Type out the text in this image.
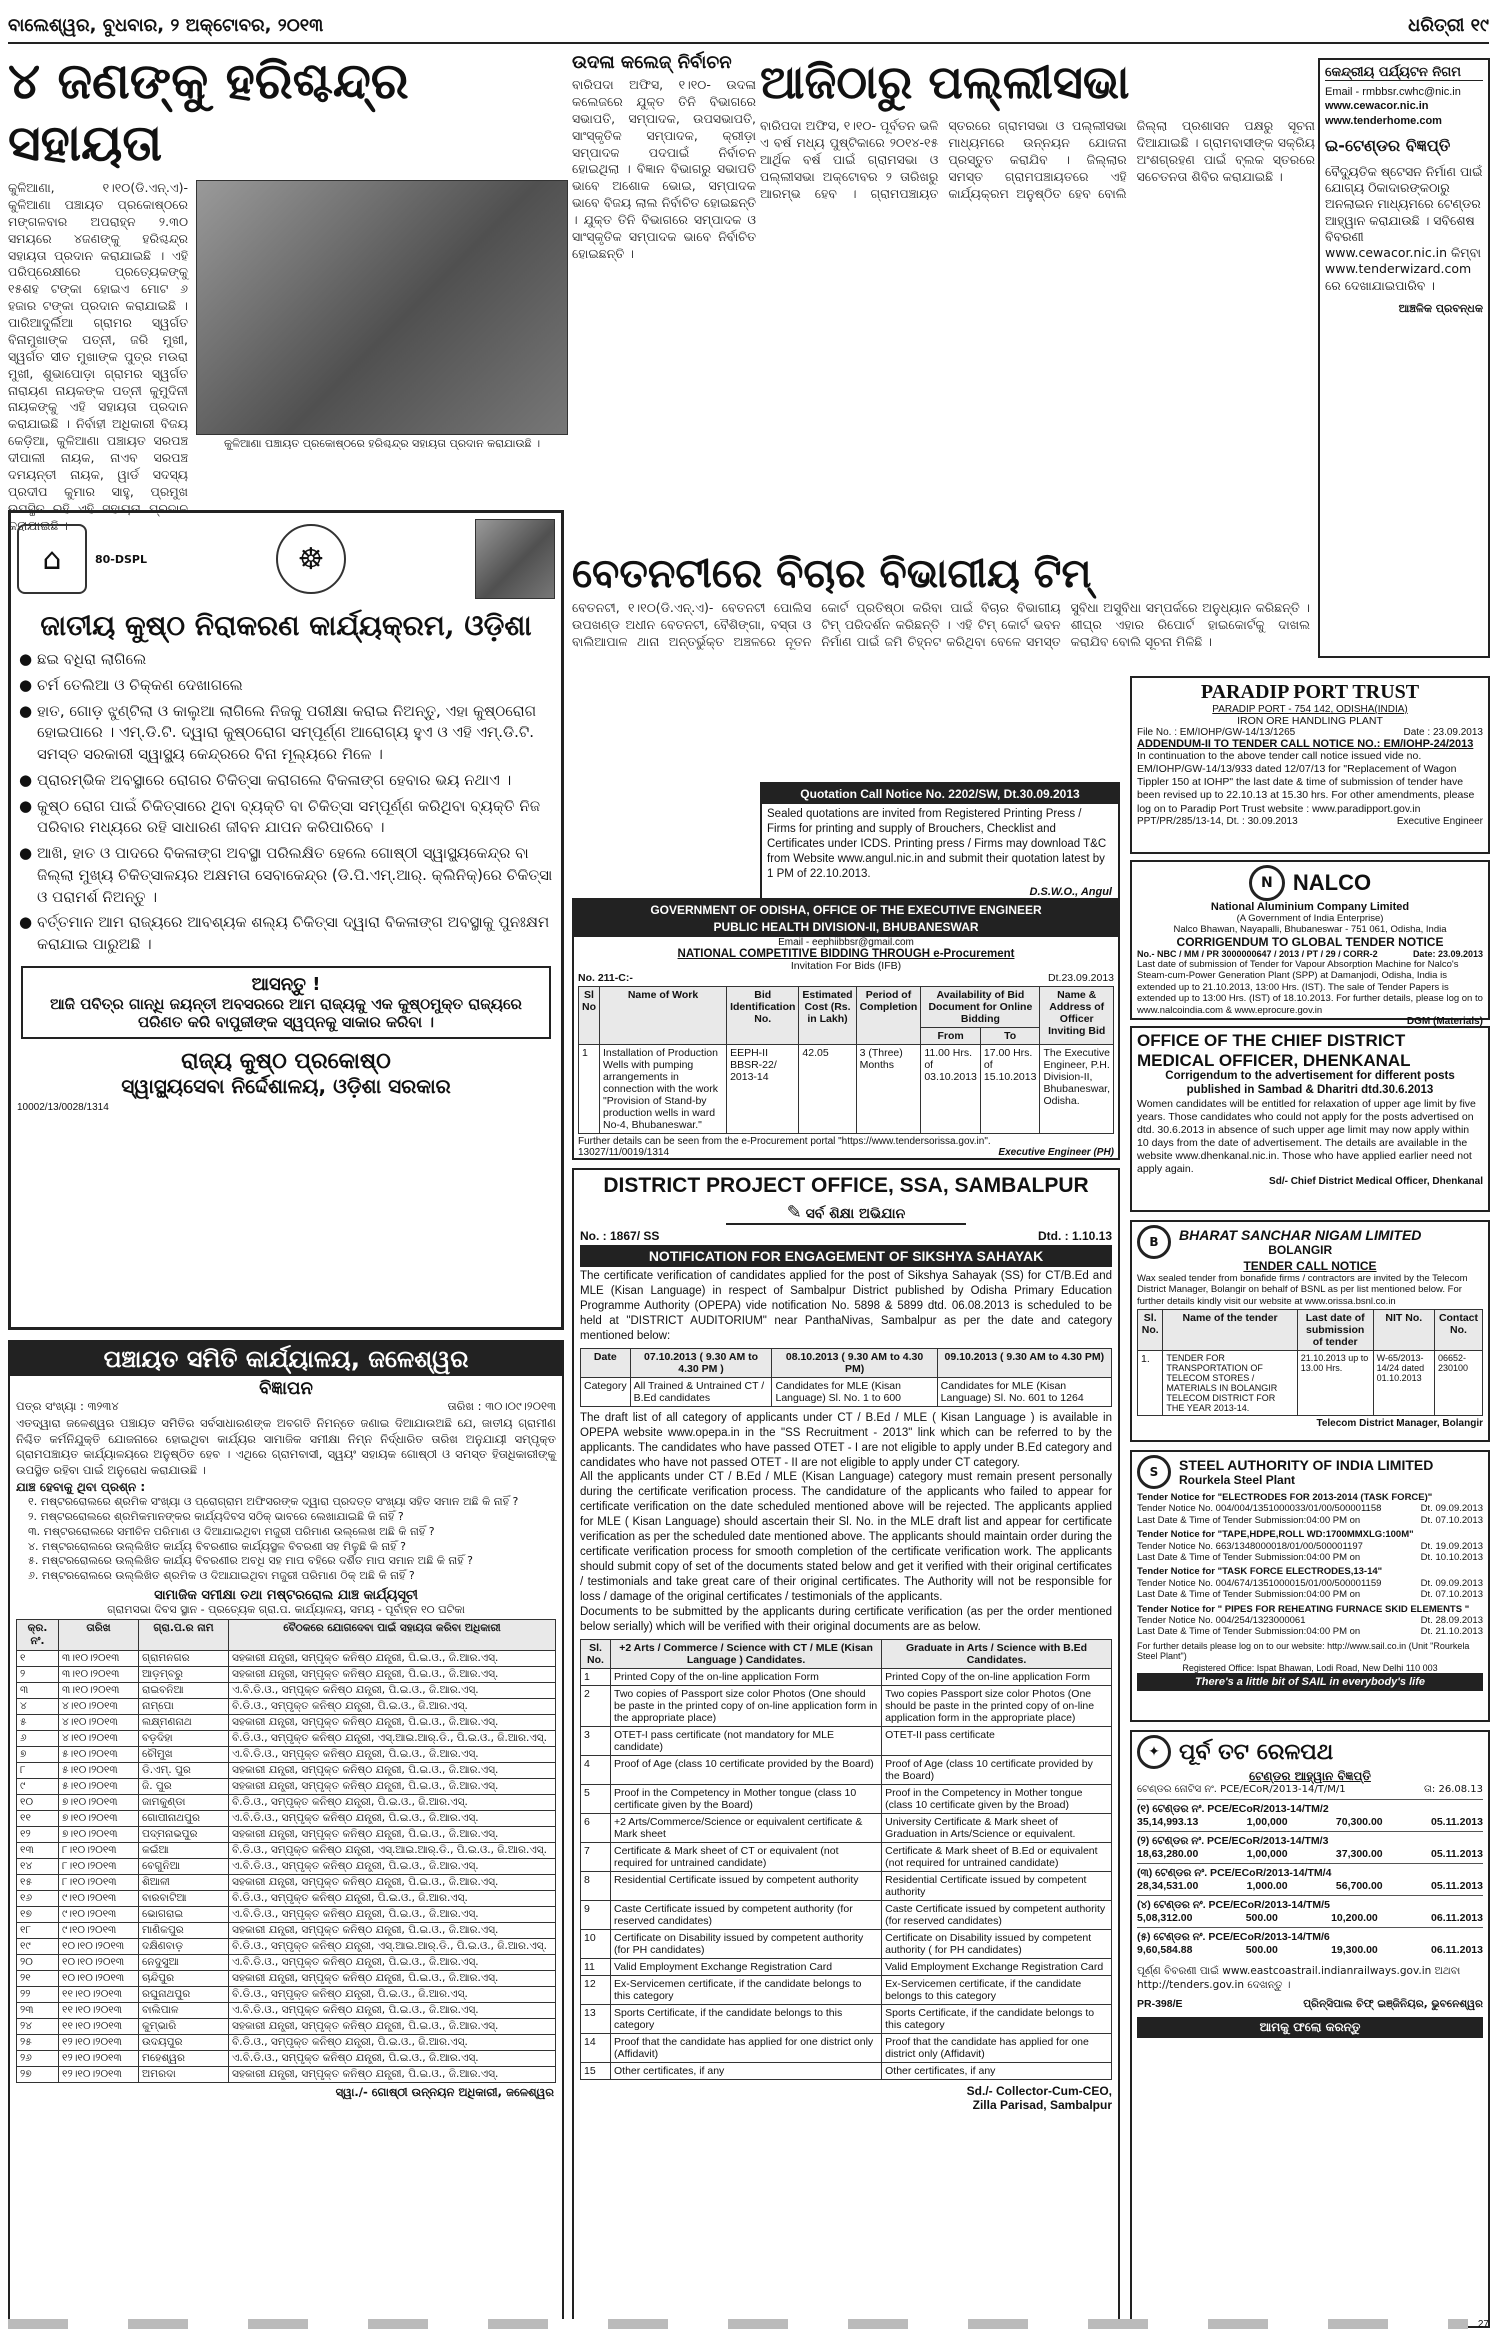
ବାଲେଶ୍ୱର, ବୁଧବାର, ୨ ଅକ୍ଟୋବର, ୨୦୧୩	ଧରିତ୍ରୀ ୧୯
୪ ଜଣଙ୍କୁ ହରିଶ୍ଚନ୍ଦ୍ର ସହାୟତା
କୁଳିଆଣା, ୧।୧୦(ଡି.ଏନ୍.ଏ)- କୁଳିଆଣା ପଞ୍ଚାୟତ ପ୍ରକୋଷ୍ଠରେ ମଙ୍ଗଳବାର ଅପରାହ୍ନ ୨.୩୦ ସମୟରେ ୪ଜଣଙ୍କୁ ହରିଶ୍ଚନ୍ଦ୍ର ସହାୟତା ପ୍ରଦାନ କରାଯାଇଛି । ଏହି ପରିପ୍ରେକ୍ଷୀରେ ପ୍ରତ୍ୟେକଙ୍କୁ ୧୫ଶହ ଟଙ୍କା ହୋଇଏ ମୋଟ ୬ ହଜାର ଟଙ୍କା ପ୍ରଦାନ କରାଯାଇଛି । ପାରିଆଦୁର୍ଲିଆ ଗ୍ରାମର ସ୍ୱର୍ଗତ ବିନାମୁଖାଙ୍କ ପତ୍ନୀ, ଜରି ମୁଖୀ, ସ୍ୱର୍ଗତ ସୀତ ମୁଖାଙ୍କ ପୁତ୍ର ମଉରା ମୁଖୀ, ଶୁଭାପୋଡ଼ା ଗ୍ରାମର ସ୍ୱର୍ଗତ ନାରାୟଣ ନାୟକଙ୍କ ପତ୍ନୀ କୁମୁଦିନୀ ନାୟକଙ୍କୁ ଏହି ସହାୟତା ପ୍ରଦାନ କରାଯାଇଛି । ନିର୍ବାହୀ ଅଧିକାରୀ ବିଜୟ କେଡ଼ିଆ, କୁଳିଆଣା ପଞ୍ଚାୟତ ସରପଞ୍ଚ ଦୀପାଲୀ ନାୟକ, ନାଏବ ସରପଞ୍ଚ ଦମୟନ୍ତୀ ନାୟକ, ୱାର୍ଡ ସଦସ୍ୟ ପ୍ରଦୀପ କୁମାର ସାହୁ, ପ୍ରମୁଖ ଉପସ୍ଥିତ ରହି ଏହି ସହାୟତା ପ୍ରଦାନ କରାଯାଇଛି ।
କୁଳିଆଣା ପଞ୍ଚାୟତ ପ୍ରକୋଷ୍ଠରେ ହରିଶ୍ଚନ୍ଦ୍ର ସହାୟତା ପ୍ରଦାନ କରାଯାଉଛି ।
ଉଦଳା କଲେଜ୍ ନିର୍ବାଚନ
ବାରିପଦା ଅଫିସ, ୧।୧୦- ଉଦଳା କଲେଜରେ ଯୁକ୍ତ ତିନି ବିଭାଗରେ ସଭାପତି, ସମ୍ପାଦକ, ଉପସଭାପତି, ସାଂସ୍କୃତିକ ସମ୍ପାଦକ, କ୍ରୀଡ଼ା ସମ୍ପାଦକ ପଦପାଇଁ ନିର୍ବାଚନ ହୋଇଥିଲା । ବିଜ୍ଞାନ ବିଭାଗରୁ ସଭାପତି ଭାବେ ଅଶୋକ ଭୋଇ, ସମ୍ପାଦକ ଭାବେ ବିଜୟ ଲାଲ ନିର୍ବାଚିତ ହୋଇଛନ୍ତି । ଯୁକ୍ତ ତିନି ବିଭାଗରେ ସମ୍ପାଦକ ଓ ସାଂସ୍କୃତିକ ସମ୍ପାଦକ ଭାବେ ନିର୍ବାଚିତ ହୋଇଛନ୍ତି ।
ଆଜିଠାରୁ ପଲ୍ଲୀସଭା
ବାରିପଦା ଅଫିସ, ୧।୧୦- ପୂର୍ବତନ ଭଳି ଏ ବର୍ଷ ମଧ୍ୟ ପୁଷ୍ଟିକାରେ ୨୦୧୪-୧୫ ଆର୍ଥିକ ବର୍ଷ ପାଇଁ ଗ୍ରାମସଭା ଓ ପଲ୍ଲୀସଭା ଅକ୍ଟୋବର ୨ ତାରିଖରୁ ଆରମ୍ଭ ହେବ । ଗ୍ରାମପଞ୍ଚାୟତ ସ୍ତରରେ ଗ୍ରାମସଭା ଓ ପଲ୍ଲୀସଭା ମାଧ୍ୟମରେ ଉନ୍ନୟନ ଯୋଜନା ପ୍ରସ୍ତୁତ କରାଯିବ । ଜିଲ୍ଲାର ସମସ୍ତ ଗ୍ରାମପଞ୍ଚାୟତରେ ଏହି କାର୍ଯ୍ୟକ୍ରମ ଅନୁଷ୍ଠିତ ହେବ ବୋଲି ଜିଲ୍ଲା ପ୍ରଶାସନ ପକ୍ଷରୁ ସୂଚନା ଦିଆଯାଇଛି । ଗ୍ରାମବାସୀଙ୍କ ସକ୍ରିୟ ଅଂଶଗ୍ରହଣ ପାଇଁ ବ୍ଲକ ସ୍ତରରେ ସଚେତନତା ଶିବିର କରାଯାଇଛି ।
କେନ୍ଦ୍ରୀୟ ପର୍ଯ୍ୟଟନ ନିଗମ
Email - rmbbsr.cwhc@nic.in
www.cewacor.nic.in
www.tenderhome.com
ଇ-ଟେଣ୍ଡର ବିଜ୍ଞପ୍ତି
ବୈଦ୍ୟୁତିକ ଷ୍ଟେସନ ନିର୍ମାଣ ପାଇଁ ଯୋଗ୍ୟ ଠିକାଦାରଙ୍କଠାରୁ ଅନଲାଇନ ମାଧ୍ୟମରେ ଟେଣ୍ଡର ଆହ୍ୱାନ କରାଯାଉଛି । ସବିଶେଷ ବିବରଣୀ www.cewacor.nic.in କିମ୍ବା www.tenderwizard.com ରେ ଦେଖାଯାଇପାରିବ ।
ଆଞ୍ଚଳିକ ପ୍ରବନ୍ଧକ
⌂	80-DSPL	☸
ଜାତୀୟ କୁଷ୍ଠ ନିରାକରଣ କାର୍ଯ୍ୟକ୍ରମ, ଓଡ଼ିଶା
● ଛଇ ବଧିରା ଲାଗିଲେ
● ଚର୍ମ ତେଲିଆ ଓ ଚିକ୍କଣ ଦେଖାଗଲେ
● ହାତ, ଗୋଡ଼ ଝୁଣ୍ଟିଲା ଓ କାଲୁଆ ଲାଗିଲେ ନିଜକୁ ପରୀକ୍ଷା କରାଇ ନିଅନ୍ତୁ, ଏହା କୁଷ୍ଠରୋଗ ହୋଇପାରେ । ଏମ୍.ଡି.ଟି. ଦ୍ୱାରା କୁଷ୍ଠରୋଗ ସମ୍ପୂର୍ଣ୍ଣ ଆରୋଗ୍ୟ ହୁଏ ଓ ଏହି ଏମ୍.ଡି.ଟି. ସମସ୍ତ ସରକାରୀ ସ୍ୱାସ୍ଥ୍ୟ କେନ୍ଦ୍ରରେ ବିନା ମୂଲ୍ୟରେ ମିଳେ ।
● ପ୍ରାରମ୍ଭିକ ଅବସ୍ଥାରେ ରୋଗର ଚିକିତ୍ସା କରାଗଲେ ବିକଳାଙ୍ଗ ହେବାର ଭୟ ନଥାଏ ।
● କୁଷ୍ଠ ରୋଗ ପାଇଁ ଚିକିତ୍ସାରେ ଥିବା ବ୍ୟକ୍ତି ବା ଚିକିତ୍ସା ସମ୍ପୂର୍ଣ୍ଣ କରିଥିବା ବ୍ୟକ୍ତି ନିଜ ପରିବାର ମଧ୍ୟରେ ରହି ସାଧାରଣ ଜୀବନ ଯାପନ କରିପାରିବେ ।
● ଆଖି, ହାତ ଓ ପାଦରେ ବିକଳାଙ୍ଗ ଅବସ୍ଥା ପରିଲକ୍ଷିତ ହେଲେ ଗୋଷ୍ଠୀ ସ୍ୱାସ୍ଥ୍ୟକେନ୍ଦ୍ର ବା ଜିଲ୍ଲା ମୁଖ୍ୟ ଚିକିତ୍ସାଳୟର ଅକ୍ଷମତା ସେବାକେନ୍ଦ୍ର (ଡି.ପି.ଏମ୍.ଆର୍. କ୍ଲିନିକ୍)ରେ ଚିକିତ୍ସା ଓ ପରାମର୍ଶ ନିଅନ୍ତୁ ।
● ବର୍ତ୍ତମାନ ଆମ ରାଜ୍ୟରେ ଆବଶ୍ୟକ ଶଲ୍ୟ ଚିକିତ୍ସା ଦ୍ୱାରା ବିକଳାଙ୍ଗ ଅବସ୍ଥାକୁ ପୁନଃକ୍ଷମ କରାଯାଇ ପାରୁଅଛି ।
ଆସନ୍ତୁ !
ଆଜି ପବିତ୍ର ଗାନ୍ଧି ଜୟନ୍ତୀ ଅବସରରେ ଆମ ରାଜ୍ୟକୁ ଏକ କୁଷ୍ଠମୁକ୍ତ ରାଜ୍ୟରେ ପରିଣତ କରି ବାପୁଜୀଙ୍କ ସ୍ୱପ୍ନକୁ ସାକାର କରିବା ।
ରାଜ୍ୟ କୁଷ୍ଠ ପ୍ରକୋଷ୍ଠ
ସ୍ୱାସ୍ଥ୍ୟସେବା ନିର୍ଦ୍ଦେଶାଳୟ, ଓଡ଼ିଶା ସରକାର
10002/13/0028/1314
ବେତନଟୀରେ ବିଚାର ବିଭାଗୀୟ ଟିମ୍
ବେତନଟୀ, ୧।୧୦(ଡି.ଏନ୍.ଏ)- ବେତନଟୀ ପୋଲିସ ଉପଖଣ୍ଡ ଅଧୀନ ବେତନଟୀ, ବୈଶିଙ୍ଗା, ବସ୍ତା ଓ ବାଲିଆପାଳ ଥାନା ଅନ୍ତର୍ଭୁକ୍ତ ଅଞ୍ଚଳରେ ନୂତନ କୋର୍ଟ ପ୍ରତିଷ୍ଠା କରିବା ପାଇଁ ବିଚାର ବିଭାଗୀୟ ଟିମ୍ ପରିଦର୍ଶନ କରିଛନ୍ତି । ଏହି ଟିମ୍ କୋର୍ଟ ଭବନ ନିର୍ମାଣ ପାଇଁ ଜମି ଚିହ୍ନଟ କରିଥିବା ବେଳେ ସମସ୍ତ ସୁବିଧା ଅସୁବିଧା ସମ୍ପର୍କରେ ଅନୁଧ୍ୟାନ କରିଛନ୍ତି । ଶୀଘ୍ର ଏହାର ରିପୋର୍ଟ ହାଇକୋର୍ଟକୁ ଦାଖଲ କରାଯିବ ବୋଲି ସୂଚନା ମିଳିଛି ।
Quotation Call Notice No. 2202/SW, Dt.30.09.2013
Sealed quotations are invited from Registered Printing Press / Firms for printing and supply of Brouchers, Checklist and Certificates under ICDS. Printing press / Firms may download T&C from Website www.angul.nic.in and submit their quotation latest by 1 PM of 22.10.2013.
D.S.W.O., Angul
GOVERNMENT OF ODISHA, OFFICE OF THE EXECUTIVE ENGINEER
PUBLIC HEALTH DIVISION-II, BHUBANESWAR
Email - eephiibbsr@gmail.com
NATIONAL COMPETITIVE BIDDING THROUGH e-Procurement
Invitation For Bids (IFB)
No. 211-C:-	Dt.23.09.2013
Sl No	Name of Work	Bid Identification No.	Estimated Cost (Rs. in Lakh)	Period of Completion	Availability of Bid Document for Online Bidding		Name & Address of Officer Inviting Bid
					From	To	
1	Installation of Production Wells with pumping arrangements in connection with the work "Provision of Stand-by production wells in ward No-4, Bhubaneswar."	EEPH-II BBSR-22/ 2013-14	42.05	3 (Three) Months	11.00 Hrs. of 03.10.2013	17.00 Hrs. of 15.10.2013	The Executive Engineer, P.H. Division-II, Bhubaneswar, Odisha.
Further details can be seen from the e-Procurement portal "https://www.tendersorissa.gov.in".
13027/11/0019/1314	Executive Engineer (PH)
DISTRICT PROJECT OFFICE, SSA, SAMBALPUR
✎ ସର୍ବ ଶିକ୍ଷା ଅଭିଯାନ
No. : 1867/ SS	Dtd. : 1.10.13
NOTIFICATION FOR ENGAGEMENT OF SIKSHYA SAHAYAK
The certificate verification of candidates applied for the post of Sikshya Sahayak (SS) for CT/B.Ed and MLE (Kisan Language) in respect of Sambalpur District published by Odisha Primary Education Programme Authority (OPEPA) vide notification No. 5898 & 5899 dtd. 06.08.2013 is scheduled to be held at "DISTRICT AUDITORIUM" near PanthaNivas, Sambalpur as per the date and category mentioned below:
Date	07.10.2013 ( 9.30 AM to 4.30 PM )	08.10.2013 ( 9.30 AM to 4.30 PM)	09.10.2013 ( 9.30 AM to 4.30 PM)
Category	All Trained & Untrained CT / B.Ed candidates	Candidates for MLE (Kisan Language) Sl. No. 1 to 600	Candidates for MLE (Kisan Language) Sl. No. 601 to 1264
The draft list of all category of applicants under CT / B.Ed / MLE ( Kisan Language ) is available in OPEPA website www.opepa.in in the "SS Recruitment - 2013" link which can be referred to by the applicants. The candidates who have passed OTET - I are not eligible to apply under B.Ed category and candidates who have not passed OTET - II are not eligible to apply under CT category.
All the applicants under CT / B.Ed / MLE (Kisan Language) category must remain present personally during the certificate verification process. The candidature of the applicants who failed to appear for certificate verification on the date scheduled mentioned above will be rejected. The applicants applied for MLE ( Kisan Language) should ascertain their Sl. No. in the MLE draft list and appear for certificate verification as per the scheduled date mentioned above. The applicants should maintain order during the certificate verification process for smooth completion of the certificate verification work. The applicants should submit copy of set of the documents stated below and get it verified with their original certificates / testimonials and take great care of their original certificates. The Authority will not be responsible for loss / damage of the original certificates / testimonials of the applicants.
Documents to be submitted by the applicants during certificate verification (as per the order mentioned below serially) which will be verified with their original documents are as below.
Sl. No.	+2 Arts / Commerce / Science with CT / MLE (Kisan Language ) Candidates.	Graduate in Arts / Science with B.Ed Candidates.
1	Printed Copy of the on-line application Form	Printed Copy of the on-line application Form
2	Two copies of Passport size color Photos (One should be paste in the printed copy of on-line application form in the appropriate place)	Two copies Passport size color Photos (One should be paste in the printed copy of on-line application form in the appropriate place)
3	OTET-I pass certificate (not mandatory for MLE candidate)	OTET-II pass certificate
4	Proof of Age (class 10 certificate provided by the Board)	Proof of Age (class 10 certificate provided by the Board)
5	Proof in the Competency in Mother tongue (class 10 certificate given by the Board)	Proof in the Competency in Mother tongue (class 10 certificate given by the Broad)
6	+2 Arts/Commerce/Science or equivalent certificate & Mark sheet	University Certificate & Mark sheet of Graduation in Arts/Science or equivalent.
7	Certificate & Mark sheet of CT or equivalent (not required for untrained candidate)	Certificate & Mark sheet of B.Ed or equivalent (not required for untrained candidate)
8	Residential Certificate issued by competent authority	Residential Certificate issued by competent authority
9	Caste Certificate issued by competent authority (for reserved candidates)	Caste Certificate issued by competent authority (for reserved candidates)
10	Certificate on Disability issued by competent authority (for PH candidates)	Certificate on Disability issued by competent authority ( for PH candidates)
11	Valid Employment Exchange Registration Card	Valid Employment Exchange Registration Card
12	Ex-Servicemen certificate, if the candidate belongs to this category	Ex-Servicemen certificate, if the candidate belongs to this category
13	Sports Certificate, if the candidate belongs to this category	Sports Certificate, if the candidate belongs to this category
14	Proof that the candidate has applied for one district only (Affidavit)	Proof that the candidate has applied for one district only (Affidavit)
15	Other certificates, if any	Other certificates, if any
Sd./- Collector-Cum-CEO,
Zilla Parisad, Sambalpur
ପଞ୍ଚାୟତ ସମିତି କାର୍ଯ୍ୟାଳୟ, ଜଳେଶ୍ୱର
ବିଜ୍ଞାପନ
ପତ୍ର ସଂଖ୍ୟା : ୩୨୩୪	ତାରିଖ : ୩୦।୦୯।୨୦୧୩
ଏତଦ୍ୱାରା ଜଳେଶ୍ୱର ପଞ୍ଚାୟତ ସମିତିର ସର୍ବସାଧାରଣଙ୍କ ଅବଗତି ନିମନ୍ତେ ଜଣାଇ ଦିଆଯାଉଅଛି ଯେ, ଜାତୀୟ ଗ୍ରାମୀଣ ନିଶ୍ଚିତ କର୍ମନିଯୁକ୍ତି ଯୋଜନାରେ ହୋଇଥିବା କାର୍ଯ୍ୟର ସାମାଜିକ ସମୀକ୍ଷା ନିମ୍ନ ନିର୍ଦ୍ଧାରିତ ତାରିଖ ଅନୁଯାୟୀ ସମ୍ପୃକ୍ତ ଗ୍ରାମପଞ୍ଚାୟତ କାର୍ଯ୍ୟାଳୟରେ ଅନୁଷ୍ଠିତ ହେବ । ଏଥିରେ ଗ୍ରାମବାସୀ, ସ୍ୱୟଂ ସହାୟକ ଗୋଷ୍ଠୀ ଓ ସମସ୍ତ ହିତାଧିକାରୀଙ୍କୁ ଉପସ୍ଥିତ ରହିବା ପାଇଁ ଅନୁରୋଧ କରାଯାଉଛି ।
ଯାଞ୍ଚ ହେବାକୁ ଥିବା ପ୍ରଶ୍ନ :
୧. ମଷ୍ଟରରୋଲରେ ଶ୍ରମିକ ସଂଖ୍ୟା ଓ ପ୍ରୋଗ୍ରାମ ଅଫିସରଙ୍କ ଦ୍ୱାରା ପ୍ରଦତ୍ତ ସଂଖ୍ୟା ସହିତ ସମାନ ଅଛି କି ନାହିଁ ?
୨. ମଷ୍ଟରରୋଲରେ ଶ୍ରମିକମାନଙ୍କର କାର୍ଯ୍ୟଦିବସ ସଠିକ୍ ଭାବରେ ଲେଖାଯାଇଛି କି ନାହିଁ ?
୩. ମଷ୍ଟରରୋଲରେ ସମୀଚିନ ପରିମାଣ ଓ ଦିଆଯାଇଥିବା ମଜୁରୀ ପରିମାଣ ଉଲ୍ଲେଖ ଅଛି କି ନାହିଁ ?
୪. ମଷ୍ଟରରୋଲରେ ଉଲ୍ଲିଖିତ କାର୍ଯ୍ୟ ବିବରଣୀର କାର୍ଯ୍ୟସ୍ଥଳ ବିବରଣୀ ସହ ମିଳୁଛି କି ନାହିଁ ?
୫. ମଷ୍ଟରରୋଲରେ ଉଲ୍ଲିଖିତ କାର୍ଯ୍ୟ ବିବରଣୀର ଅବଧି ସହ ମାପ ବହିରେ ଦର୍ଶିତ ମାପ ସମାନ ଅଛି କି ନାହିଁ ?
୬. ମଷ୍ଟରରୋଲରେ ଉଲ୍ଲିଖିତ ଶ୍ରମିକ ଓ ଦିଆଯାଇଥିବା ମଜୁରୀ ପରିମାଣ ଠିକ୍ ଅଛି କି ନାହିଁ ?
ସାମାଜିକ ସମୀକ୍ଷା ତଥା ମଷ୍ଟରରୋଲ ଯାଞ୍ଚ କାର୍ଯ୍ୟସୂଚୀ
ଗ୍ରାମସଭା ଦିବସ ସ୍ଥାନ - ପ୍ରତ୍ୟେକ ଗ୍ରା.ପ. କାର୍ଯ୍ୟାଳୟ, ସମୟ - ପୂର୍ବାହ୍ନ ୧୦ ଘଟିକା
କ୍ର. ନଂ.	ତାରିଖ	ଗ୍ରା.ପ.ର ନାମ	ବୈଠକରେ ଯୋଗଦେବା ପାଇଁ ସହାୟତା କରିବା ଅଧିକାରୀ
୧	୩।୧୦।୨୦୧୩	ଗ୍ରାମନଗର	ସହକାରୀ ଯନ୍ତ୍ରୀ, ସମ୍ପୃକ୍ତ କନିଷ୍ଠ ଯନ୍ତ୍ରୀ, ପି.ଇ.ଓ., ଜି.ଆର.ଏସ୍.
୨	୩।୧୦।୨୦୧୩	ଆଡ଼ମ୍ବରୁ	ସହକାରୀ ଯନ୍ତ୍ରୀ, ସମ୍ପୃକ୍ତ କନିଷ୍ଠ ଯନ୍ତ୍ରୀ, ପି.ଇ.ଓ., ଜି.ଆର.ଏସ୍.
୩	୩।୧୦।୨୦୧୩	ରାଇବନିଆ	ଏ.ବି.ଡି.ଓ., ସମ୍ପୃକ୍ତ କନିଷ୍ଠ ଯନ୍ତ୍ରୀ, ପି.ଇ.ଓ., ଜି.ଆର.ଏସ୍.
୪	୪।୧୦।୨୦୧୩	ନାମ୍ପୋ	ବି.ଡି.ଓ., ସମ୍ପୃକ୍ତ କନିଷ୍ଠ ଯନ୍ତ୍ରୀ, ପି.ଇ.ଓ., ଜି.ଆର.ଏସ୍.
୫	୪।୧୦।୨୦୧୩	ଲକ୍ଷ୍ମଣନାଥ	ସହକାରୀ ଯନ୍ତ୍ରୀ, ସମ୍ପୃକ୍ତ କନିଷ୍ଠ ଯନ୍ତ୍ରୀ, ପି.ଇ.ଓ., ଜି.ଆର.ଏସ୍.
୬	୪।୧୦।୨୦୧୩	ବଡ଼ଦିହା	ବି.ଡି.ଓ., ସମ୍ପୃକ୍ତ କନିଷ୍ଠ ଯନ୍ତ୍ରୀ, ଏସ୍.ଆଇ.ଆର୍.ଡି., ପି.ଇ.ଓ., ଜି.ଆର.ଏସ୍.
୭	୫।୧୦।୨୦୧୩	ଚୌମୁଖ	ଏ.ବି.ଡି.ଓ., ସମ୍ପୃକ୍ତ କନିଷ୍ଠ ଯନ୍ତ୍ରୀ, ପି.ଇ.ଓ., ଜି.ଆର.ଏସ୍.
୮	୫।୧୦।୨୦୧୩	ଡି.ଏମ୍. ପୁର	ସହକାରୀ ଯନ୍ତ୍ରୀ, ସମ୍ପୃକ୍ତ କନିଷ୍ଠ ଯନ୍ତ୍ରୀ, ପି.ଇ.ଓ., ଜି.ଆର.ଏସ୍.
୯	୫।୧୦।୨୦୧୩	ଜି. ପୁର	ସହକାରୀ ଯନ୍ତ୍ରୀ, ସମ୍ପୃକ୍ତ କନିଷ୍ଠ ଯନ୍ତ୍ରୀ, ପି.ଇ.ଓ., ଜି.ଆର.ଏସ୍.
୧୦	୭।୧୦।୨୦୧୩	ଜାମକୁଣ୍ଡା	ବି.ଡି.ଓ., ସମ୍ପୃକ୍ତ କନିଷ୍ଠ ଯନ୍ତ୍ରୀ, ପି.ଇ.ଓ., ଜି.ଆର.ଏସ୍.
୧୧	୭।୧୦।୨୦୧୩	ଗୋପୀନାଥପୁର	ଏ.ବି.ଡି.ଓ., ସମ୍ପୃକ୍ତ କନିଷ୍ଠ ଯନ୍ତ୍ରୀ, ପି.ଇ.ଓ., ଜି.ଆର.ଏସ୍.
୧୨	୭।୧୦।୨୦୧୩	ପଦ୍ମନାଭପୁର	ସହକାରୀ ଯନ୍ତ୍ରୀ, ସମ୍ପୃକ୍ତ କନିଷ୍ଠ ଯନ୍ତ୍ରୀ, ପି.ଇ.ଓ., ଜି.ଆର.ଏସ୍.
୧୩	୮।୧୦।୨୦୧୩	କଇଁଆ	ବି.ଡି.ଓ., ସମ୍ପୃକ୍ତ କନିଷ୍ଠ ଯନ୍ତ୍ରୀ, ଏସ୍.ଆଇ.ଆର୍.ଡି., ପି.ଇ.ଓ., ଜି.ଆର.ଏସ୍.
୧୪	୮।୧୦।୨୦୧୩	ବେଗୁନିଆ	ଏ.ବି.ଡି.ଓ., ସମ୍ପୃକ୍ତ କନିଷ୍ଠ ଯନ୍ତ୍ରୀ, ପି.ଇ.ଓ., ଜି.ଆର.ଏସ୍.
୧୫	୮।୧୦।୨୦୧୩	ଶିଆଳୀ	ସହକାରୀ ଯନ୍ତ୍ରୀ, ସମ୍ପୃକ୍ତ କନିଷ୍ଠ ଯନ୍ତ୍ରୀ, ପି.ଇ.ଓ., ଜି.ଆର.ଏସ୍.
୧୬	୯।୧୦।୨୦୧୩	ବାରବାଟିଆ	ବି.ଡି.ଓ., ସମ୍ପୃକ୍ତ କନିଷ୍ଠ ଯନ୍ତ୍ରୀ, ପି.ଇ.ଓ., ଜି.ଆର.ଏସ୍.
୧୭	୯।୧୦।୨୦୧୩	ଭୋଗରାଇ	ଏ.ବି.ଡି.ଓ., ସମ୍ପୃକ୍ତ କନିଷ୍ଠ ଯନ୍ତ୍ରୀ, ପି.ଇ.ଓ., ଜି.ଆର.ଏସ୍.
୧୮	୯।୧୦।୨୦୧୩	ମାଣିକପୁର	ସହକାରୀ ଯନ୍ତ୍ରୀ, ସମ୍ପୃକ୍ତ କନିଷ୍ଠ ଯନ୍ତ୍ରୀ, ପି.ଇ.ଓ., ଜି.ଆର.ଏସ୍.
୧୯	୧୦।୧୦।୨୦୧୩	ଦକ୍ଷିଣବାଡ଼	ବି.ଡି.ଓ., ସମ୍ପୃକ୍ତ କନିଷ୍ଠ ଯନ୍ତ୍ରୀ, ଏସ୍.ଆଇ.ଆର୍.ଡି., ପି.ଇ.ଓ., ଜି.ଆର.ଏସ୍.
୨୦	୧୦।୧୦।୨୦୧୩	ନେଦୁସୁଆ	ଏ.ବି.ଡି.ଓ., ସମ୍ପୃକ୍ତ କନିଷ୍ଠ ଯନ୍ତ୍ରୀ, ପି.ଇ.ଓ., ଜି.ଆର.ଏସ୍.
୨୧	୧୦।୧୦।୨୦୧୩	ଚାନ୍ଦିପୁର	ସହକାରୀ ଯନ୍ତ୍ରୀ, ସମ୍ପୃକ୍ତ କନିଷ୍ଠ ଯନ୍ତ୍ରୀ, ପି.ଇ.ଓ., ଜି.ଆର.ଏସ୍.
୨୨	୧୧।୧୦।୨୦୧୩	ରଘୁନାଥପୁର	ବି.ଡି.ଓ., ସମ୍ପୃକ୍ତ କନିଷ୍ଠ ଯନ୍ତ୍ରୀ, ପି.ଇ.ଓ., ଜି.ଆର.ଏସ୍.
୨୩	୧୧।୧୦।୨୦୧୩	ବାଲିପାଳ	ଏ.ବି.ଡି.ଓ., ସମ୍ପୃକ୍ତ କନିଷ୍ଠ ଯନ୍ତ୍ରୀ, ପି.ଇ.ଓ., ଜି.ଆର.ଏସ୍.
୨୪	୧୧।୧୦।୨୦୧୩	କୁମ୍ଭାରି	ସହକାରୀ ଯନ୍ତ୍ରୀ, ସମ୍ପୃକ୍ତ କନିଷ୍ଠ ଯନ୍ତ୍ରୀ, ପି.ଇ.ଓ., ଜି.ଆର.ଏସ୍.
୨୫	୧୨।୧୦।୨୦୧୩	ଉଦୟପୁର	ବି.ଡି.ଓ., ସମ୍ପୃକ୍ତ କନିଷ୍ଠ ଯନ୍ତ୍ରୀ, ପି.ଇ.ଓ., ଜି.ଆର.ଏସ୍.
୨୬	୧୨।୧୦।୨୦୧୩	ମହେଶ୍ୱର	ଏ.ବି.ଡି.ଓ., ସମ୍ପୃକ୍ତ କନିଷ୍ଠ ଯନ୍ତ୍ରୀ, ପି.ଇ.ଓ., ଜି.ଆର.ଏସ୍.
୨୭	୧୨।୧୦।୨୦୧୩	ଅମରଦା	ସହକାରୀ ଯନ୍ତ୍ରୀ, ସମ୍ପୃକ୍ତ କନିଷ୍ଠ ଯନ୍ତ୍ରୀ, ପି.ଇ.ଓ., ଜି.ଆର.ଏସ୍.
ସ୍ୱା./- ଗୋଷ୍ଠୀ ଉନ୍ନୟନ ଅଧିକାରୀ, ଜଳେଶ୍ୱର
PARADIP PORT TRUST
PARADIP PORT - 754 142, ODISHA(INDIA)
IRON ORE HANDLING PLANT
File No. : EM/IOHP/GW-14/13/1265	Date : 23.09.2013
ADDENDUM-II TO TENDER CALL NOTICE NO.: EM/IOHP-24/2013
In continuation to the above tender call notice issued vide no. EM/IOHP/GW-14/13/933 dated 12/07/13 for "Replacement of Wagon Tippler 150 at IOHP" the last date & time of submission of tender have been revised up to 22.10.13 at 15.30 hrs. For other amendments, please log on to Paradip Port Trust website : www.paradipport.gov.in
PPT/PR/285/13-14, Dt. : 30.09.2013	Executive Engineer
N NALCO
National Aluminium Company Limited
(A Government of India Enterprise)
Nalco Bhawan, Nayapalli, Bhubaneswar - 751 061, Odisha, India
CORRIGENDUM TO GLOBAL TENDER NOTICE
No.- NBC / MM / PR 3000000647 / 2013 / PT / 29 / CORR-2	Date: 23.09.2013
Last date of submission of Tender for Vapour Absorption Machine for Nalco's Steam-cum-Power Generation Plant (SPP) at Damanjodi, Odisha, India is extended up to 21.10.2013, 13:00 Hrs. (IST). The sale of Tender Papers is extended up to 13:00 Hrs. (IST) of 18.10.2013. For further details, please log on to www.nalcoindia.com & www.eprocure.gov.in
DGM (Materials)
OFFICE OF THE CHIEF DISTRICT MEDICAL OFFICER, DHENKANAL
Corrigendum to the advertisement for different posts published in Sambad & Dharitri dtd.30.6.2013
Women candidates will be entitled for relaxation of upper age limit by five years. Those candidates who could not apply for the posts advertised on dtd. 30.6.2013 in absence of such upper age limit may now apply within 10 days from the date of advertisement. The details are available in the website www.dhenkanal.nic.in. Those who have applied earlier need not apply again.
Sd/- Chief District Medical Officer, Dhenkanal
B	BHARAT SANCHAR NIGAM LIMITED
BOLANGIR
TENDER CALL NOTICE
Wax sealed tender from bonafide firms / contractors are invited by the Telecom District Manager, Bolangir on behalf of BSNL as per list mentioned below. For further details kindly visit our website at www.orissa.bsnl.co.in
Sl. No.	Name of the tender	Last date of submission of tender	NIT No.	Contact No.
1.	TENDER FOR TRANSPORTATION OF TELECOM STORES / MATERIALS IN BOLANGIR TELECOM DISTRICT FOR THE YEAR 2013-14.	21.10.2013 up to 13.00 Hrs.	W-65/2013-14/24 dated 01.10.2013	06652-230100
Telecom District Manager, Bolangir
S	STEEL AUTHORITY OF INDIA LIMITED
Rourkela Steel Plant
Tender Notice for "ELECTRODES FOR 2013-2014 (TASK FORCE)"
Tender Notice No. 004/004/1351000033/01/00/500001158	Dt. 09.09.2013
Last Date & Time of Tender Submission:04:00 PM on	Dt. 07.10.2013
Tender Notice for "TAPE,HDPE,ROLL WD:1700MMXLG:100M"
Tender Notice No. 663/1348000018/01/00/500001197	Dt. 19.09.2013
Last Date & Time of Tender Submission:04:00 PM on	Dt. 10.10.2013
Tender Notice for "TASK FORCE ELECTRODES,13-14"
Tender Notice No. 004/674/1351000015/01/00/500001159	Dt. 09.09.2013
Last Date & Time of Tender Submission:04:00 PM on	Dt. 07.10.2013
Tender Notice for " PIPES FOR REHEATING FURNACE SKID ELEMENTS "
Tender Notice No. 004/254/1323000061	Dt. 28.09.2013
Last Date & Time of Tender Submission:04:00 PM on	Dt. 21.10.2013
For further details please log on to our website: http://www.sail.co.in (Unit "Rourkela Steel Plant")
Registered Office: Ispat Bhawan, Lodi Road, New Delhi 110 003
There's a little bit of SAIL in everybody's life
✦ ପୂର୍ବ ତଟ ରେଳପଥ
ଟେଣ୍ଡର ଆହ୍ୱାନ ବିଜ୍ଞପ୍ତି
ଟେଣ୍ଡର ନୋଟିସ ନଂ. PCE/ECoR/2013-14/T/M/1	ତା: 26.08.13
(୧) ଟେଣ୍ଡର ନଂ. PCE/ECoR/2013-14/TM/2
35,14,993.13	1,00,000	70,300.00	05.11.2013
(୨) ଟେଣ୍ଡର ନଂ. PCE/ECoR/2013-14/TM/3
18,63,280.00	1,00,000	37,300.00	05.11.2013
(୩) ଟେଣ୍ଡର ନଂ. PCE/ECoR/2013-14/TM/4
28,34,531.00	1,000.00	56,700.00	05.11.2013
(୪) ଟେଣ୍ଡର ନଂ. PCE/ECoR/2013-14/TM/5
5,08,312.00	500.00	10,200.00	06.11.2013
(୫) ଟେଣ୍ଡର ନଂ. PCE/ECoR/2013-14/TM/6
9,60,584.88	500.00	19,300.00	06.11.2013
ପୂର୍ଣ୍ଣ ବିବରଣୀ ପାଇଁ www.eastcoastrail.indianrailways.gov.in ଅଥବା http://tenders.gov.in ଦେଖନ୍ତୁ ।
PR-398/E	ପ୍ରିନ୍ସିପାଲ ଚିଫ୍ ଇଞ୍ଜିନିୟର, ଭୁବନେଶ୍ୱର
ଆମକୁ ଫଲୋ କରନ୍ତୁ
27
